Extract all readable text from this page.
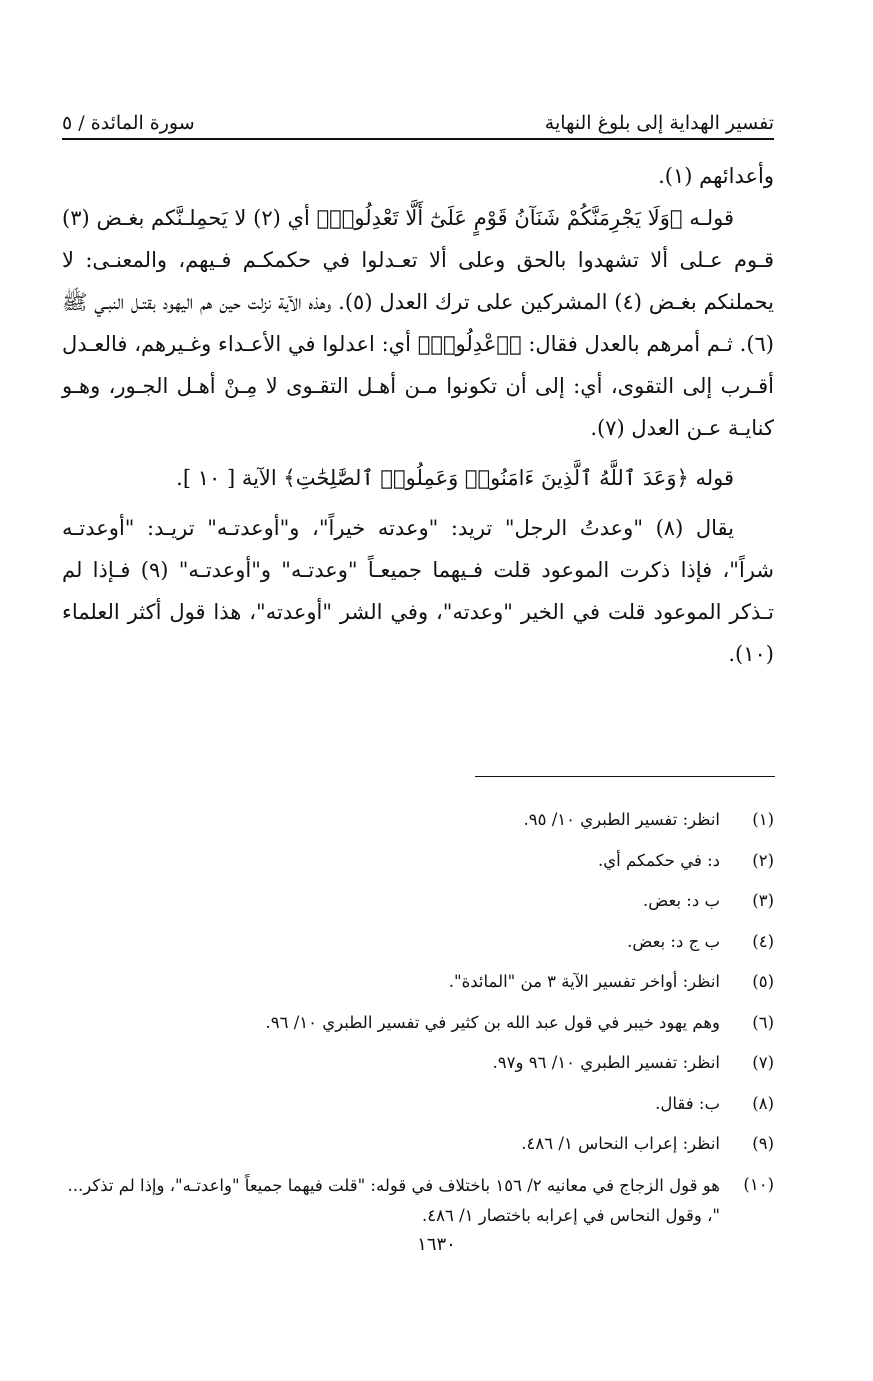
تفسير الهداية إلى بلوغ النهاية
سورة المائدة / ٥

وأعدائهم (١).

قولـه ﴿وَلَا يَجْرِمَنَّكُمْ شَنَآنُ قَوْمٍ عَلَىٰٓ أَلَّا تَعْدِلُوا۟﴾ أي (٢) لا يَحمِلـنَّكم بغـض (٣) قـوم عـلى ألا تشهدوا بالحق وعلى ألا تعـدلوا في حكمكـم فـيهم، والمعنـى: لا يحملنكم بغـض (٤) المشركين على ترك العدل (٥). وهذه الآية نزلت حين هم اليهود بقتـل النبـي ﷺ (٦). ثـم أمرهم بالعدل فقال: ﴿ٱعْدِلُوا۟﴾ أي: اعدلوا في الأعـداء وغـيرهم، فالعـدل أقـرب إلى التقوى، أي: إلى أن تكونوا مـن أهـل التقـوى لا مِـنْ أهـل الجـور، وهـو كنايـة عـن العدل (٧).

قوله ﴿وَعَدَ ٱللَّهُ ٱلَّذِينَ ءَامَنُوا۟ وَعَمِلُوا۟ ٱلصَّٰلِحَٰتِ﴾ الآية [ ١٠ ].

يقال (٨) "وعدتُ الرجل" تريد: "وعدته خيراً"، و"أوعدتـه" تريـد: "أوعدتـه شراً"، فإذا ذكرت الموعود قلت فـيهما جميعـاً "وعدتـه" و"أوعدتـه" (٩) فـإذا لم تـذكر الموعود قلت في الخير "وعدته"، وفي الشر "أوعدته"، هذا قول أكثر العلماء (١٠).

(١)
انظر: تفسير الطبري ١٠/ ٩٥.
(٢)
د: في حكمكم أي.
(٣)
ب د: بعض.
(٤)
ب ج د: بعض.
(٥)
انظر: أواخر تفسير الآية ٣ من "المائدة".
(٦)
وهم يهود خيبر في قول عبد الله بن كثير في تفسير الطبري ١٠/ ٩٦.
(٧)
انظر: تفسير الطبري ١٠/ ٩٦ و٩٧.
(٨)
ب: فقال.
(٩)
انظر: إعراب النحاس ١/ ٤٨٦.
(١٠)
هو قول الزجاج في معانيه ٢/ ١٥٦ باختلاف في قوله: "قلت فيهما جميعاً "واعدتـه"، وإذا لم تذكر... "، وقول النحاس في إعرابه باختصار ١/ ٤٨٦.
١٦٣٠
